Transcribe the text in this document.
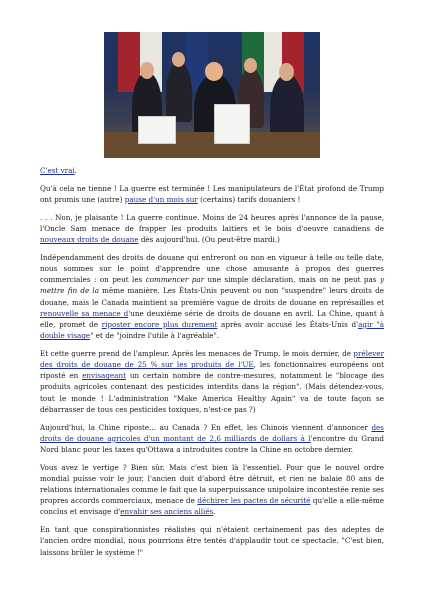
C'est vrai.

Qu'à cela ne tienne ! La guerre est terminée ! Les manipulateurs de l'État profond de Trump ont promis une (autre) pause d'un mois sur (certains) tarifs douaniers !

. . . Non, je plaisante ! La guerre continue. Moins de 24 heures après l'annonce de la pause, l'Oncle Sam menace de frapper les produits laitiers et le bois d'oeuvre canadiens de nouveaux droits de douane dès aujourd'hui. (Ou peut-être mardi.)

Indépendamment des droits de douane qui entreront ou non en vigueur à telle ou telle date, nous sommes sur le point d'apprendre une chose amusante à propos des guerres commerciales : on peut les commencer par une simple déclaration, mais on ne peut pas y mettre fin de la même manière. Les États-Unis peuvent ou non "suspendre" leurs droits de douane, mais le Canada maintient sa première vague de droits de douane en représailles et renouvelle sa menace d'une deuxième série de droits de douane en avril. La Chine, quant à elle, promet de riposter encore plus durement après avoir accusé les États-Unis d'agir "à double visage" et de "joindre l'utile à l'agréable".

Et cette guerre prend de l'ampleur. Après les menaces de Trump, le mois dernier, de prélever des droits de douane de 25 % sur les produits de l'UE, les fonctionnaires européens ont riposté en envisageant un certain nombre de contre-mesures, notamment le "blocage des produits agricoles contenant des pesticides interdits dans la région". (Mais détendez-vous, tout le monde ! L'administration "Make America Healthy Again" va de toute façon se débarrasser de tous ces pesticides toxiques, n'est-ce pas ?)

Aujourd'hui, la Chine riposte... au Canada ? En effet, les Chinois viennent d'annoncer des droits de douane agricoles d'un montant de 2,6 milliards de dollars à l'encontre du Grand Nord blanc pour les taxes qu'Ottawa a introduites contre la Chine en octobre dernier.

Vous avez le vertige ? Bien sûr. Mais c'est bien là l'essentiel. Pour que le nouvel ordre mondial puisse voir le jour, l'ancien doit d'abord être détruit, et rien ne balaie 80 ans de relations internationales comme le fait que la superpuissance unipolaire incontestée renie ses propres accords commerciaux, menace de déchirer les pactes de sécurité qu'elle a elle-même conclus et envisage d'envahir ses anciens alliés.

En tant que conspirationnistes réalistes qui n'étaient certainement pas des adeptes de l'ancien ordre mondial, nous pourrions être tentés d'applaudir tout ce spectacle. "C'est bien, laissons brûler le système !"
